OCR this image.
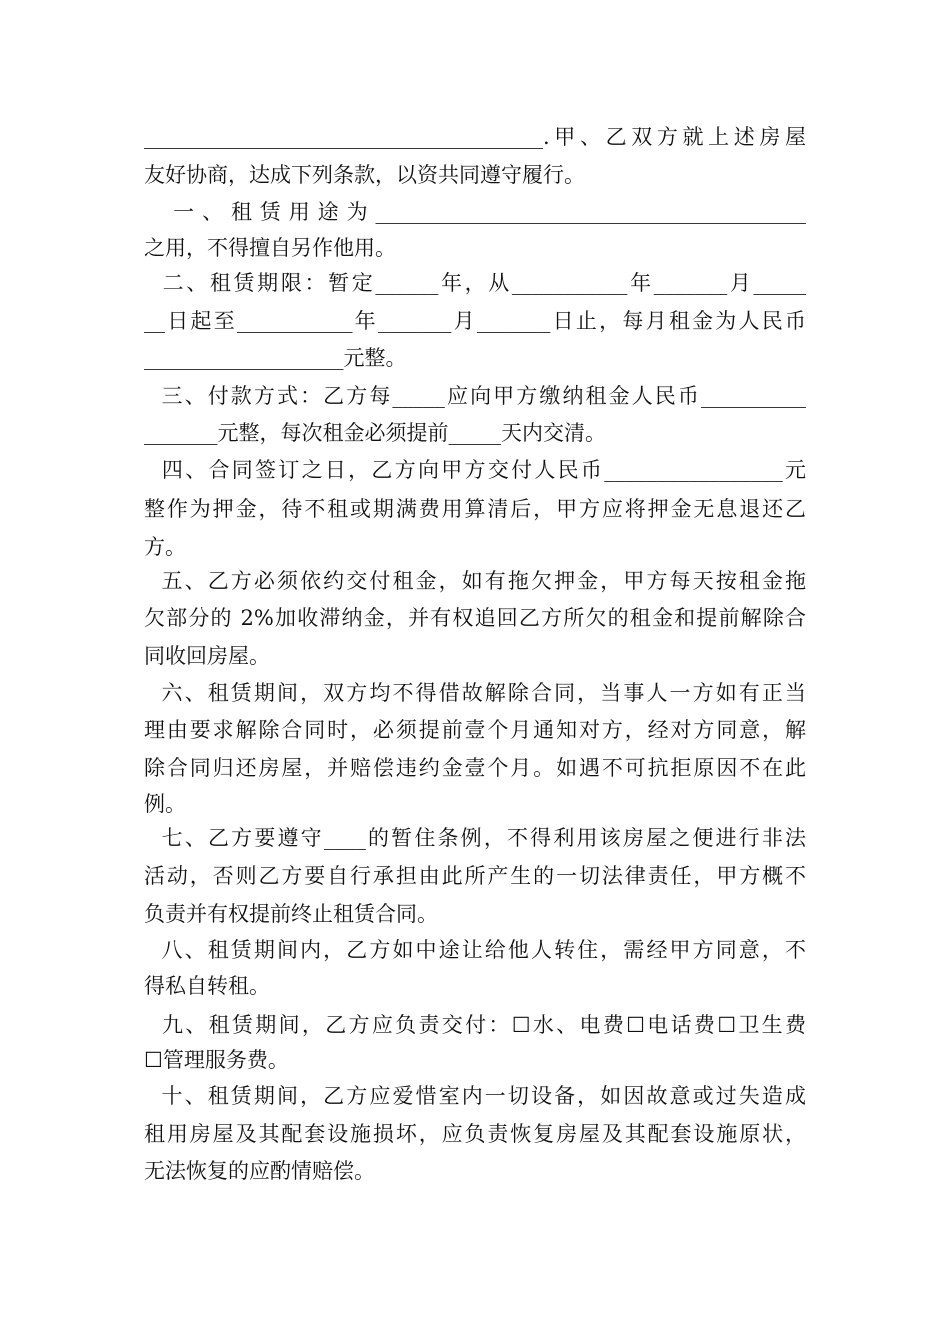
______________________________________.甲、乙双方就上述房屋
友好协商，达成下列条款，以资共同遵守履行。
一、租赁用途为_________________________________________
之用，不得擅自另作他用。
二、租赁期限：暂定______年，从___________年_______月_____
__日起至___________年_______月_______日止，每月租金为人民币
___________________元整。
三、付款方式：乙方每_____应向甲方缴纳租金人民币__________
_______元整，每次租金必须提前_____天内交清。
四、合同签订之日，乙方向甲方交付人民币_________________元
整作为押金，待不租或期满费用算清后，甲方应将押金无息退还乙
方。
五、乙方必须依约交付租金，如有拖欠押金，甲方每天按租金拖
欠部分的 2%加收滞纳金，并有权追回乙方所欠的租金和提前解除合
同收回房屋。
六、租赁期间，双方均不得借故解除合同，当事人一方如有正当
理由要求解除合同时，必须提前壹个月通知对方，经对方同意，解
除合同归还房屋，并赔偿违约金壹个月。如遇不可抗拒原因不在此
例。
七、乙方要遵守____的暂住条例，不得利用该房屋之便进行非法
活动，否则乙方要自行承担由此所产生的一切法律责任，甲方概不
负责并有权提前终止租赁合同。
八、租赁期间内，乙方如中途让给他人转住，需经甲方同意，不
得私自转租。
九、租赁期间，乙方应负责交付：☐水、电费☐电话费☐卫生费
☐管理服务费。
十、租赁期间，乙方应爱惜室内一切设备，如因故意或过失造成
租用房屋及其配套设施损坏，应负责恢复房屋及其配套设施原状，
无法恢复的应酌情赔偿。
